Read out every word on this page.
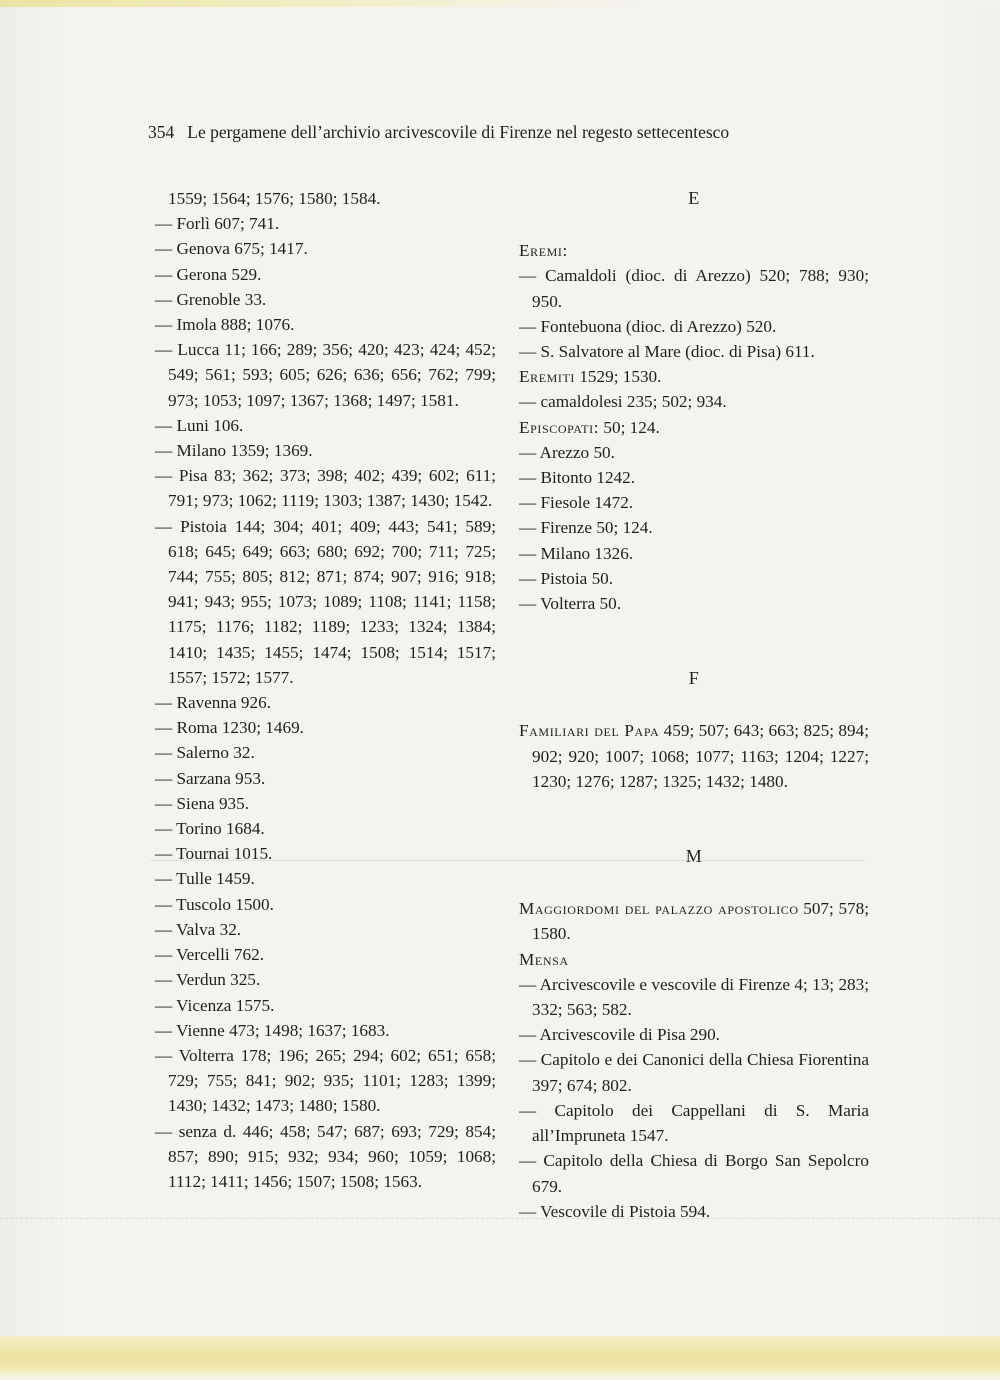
354 Le pergamene dell’archivio arcivescovile di Firenze nel regesto settecentesco

1559; 1564; 1576; 1580; 1584.

— Forlì 607; 741.

— Genova 675; 1417.

— Gerona 529.

— Grenoble 33.

— Imola 888; 1076.

— Lucca 11; 166; 289; 356; 420; 423; 424; 452; 549; 561; 593; 605; 626; 636; 656; 762; 799; 973; 1053; 1097; 1367; 1368; 1497; 1581.

— Luni 106.

— Milano 1359; 1369.

— Pisa 83; 362; 373; 398; 402; 439; 602; 611; 791; 973; 1062; 1119; 1303; 1387; 1430; 1542.

— Pistoia 144; 304; 401; 409; 443; 541; 589; 618; 645; 649; 663; 680; 692; 700; 711; 725; 744; 755; 805; 812; 871; 874; 907; 916; 918; 941; 943; 955; 1073; 1089; 1108; 1141; 1158; 1175; 1176; 1182; 1189; 1233; 1324; 1384; 1410; 1435; 1455; 1474; 1508; 1514; 1517; 1557; 1572; 1577.

— Ravenna 926.

— Roma 1230; 1469.

— Salerno 32.

— Sarzana 953.

— Siena 935.

— Torino 1684.

— Tournai 1015.

— Tulle 1459.

— Tuscolo 1500.

— Valva 32.

— Vercelli 762.

— Verdun 325.

— Vicenza 1575.

— Vienne 473; 1498; 1637; 1683.

— Volterra 178; 196; 265; 294; 602; 651; 658; 729; 755; 841; 902; 935; 1101; 1283; 1399; 1430; 1432; 1473; 1480; 1580.

— senza d. 446; 458; 547; 687; 693; 729; 854; 857; 890; 915; 932; 934; 960; 1059; 1068; 1112; 1411; 1456; 1507; 1508; 1563.

E

Eremi:

— Camaldoli (dioc. di Arezzo) 520; 788; 930; 950.

— Fontebuona (dioc. di Arezzo) 520.

— S. Salvatore al Mare (dioc. di Pisa) 611.

Eremiti 1529; 1530.

— camaldolesi 235; 502; 934.

Episcopati: 50; 124.

— Arezzo 50.

— Bitonto 1242.

— Fiesole 1472.

— Firenze 50; 124.

— Milano 1326.

— Pistoia 50.

— Volterra 50.

F

Familiari del Papa 459; 507; 643; 663; 825; 894; 902; 920; 1007; 1068; 1077; 1163; 1204; 1227; 1230; 1276; 1287; 1325; 1432; 1480.

M

Maggiordomi del palazzo apostolico 507; 578; 1580.

Mensa

— Arcivescovile e vescovile di Firenze 4; 13; 283; 332; 563; 582.

— Arcivescovile di Pisa 290.

— Capitolo e dei Canonici della Chiesa Fiorentina 397; 674; 802.

— Capitolo dei Cappellani di S. Maria all’Impruneta 1547.

— Capitolo della Chiesa di Borgo San Sepolcro 679.

— Vescovile di Pistoia 594.
